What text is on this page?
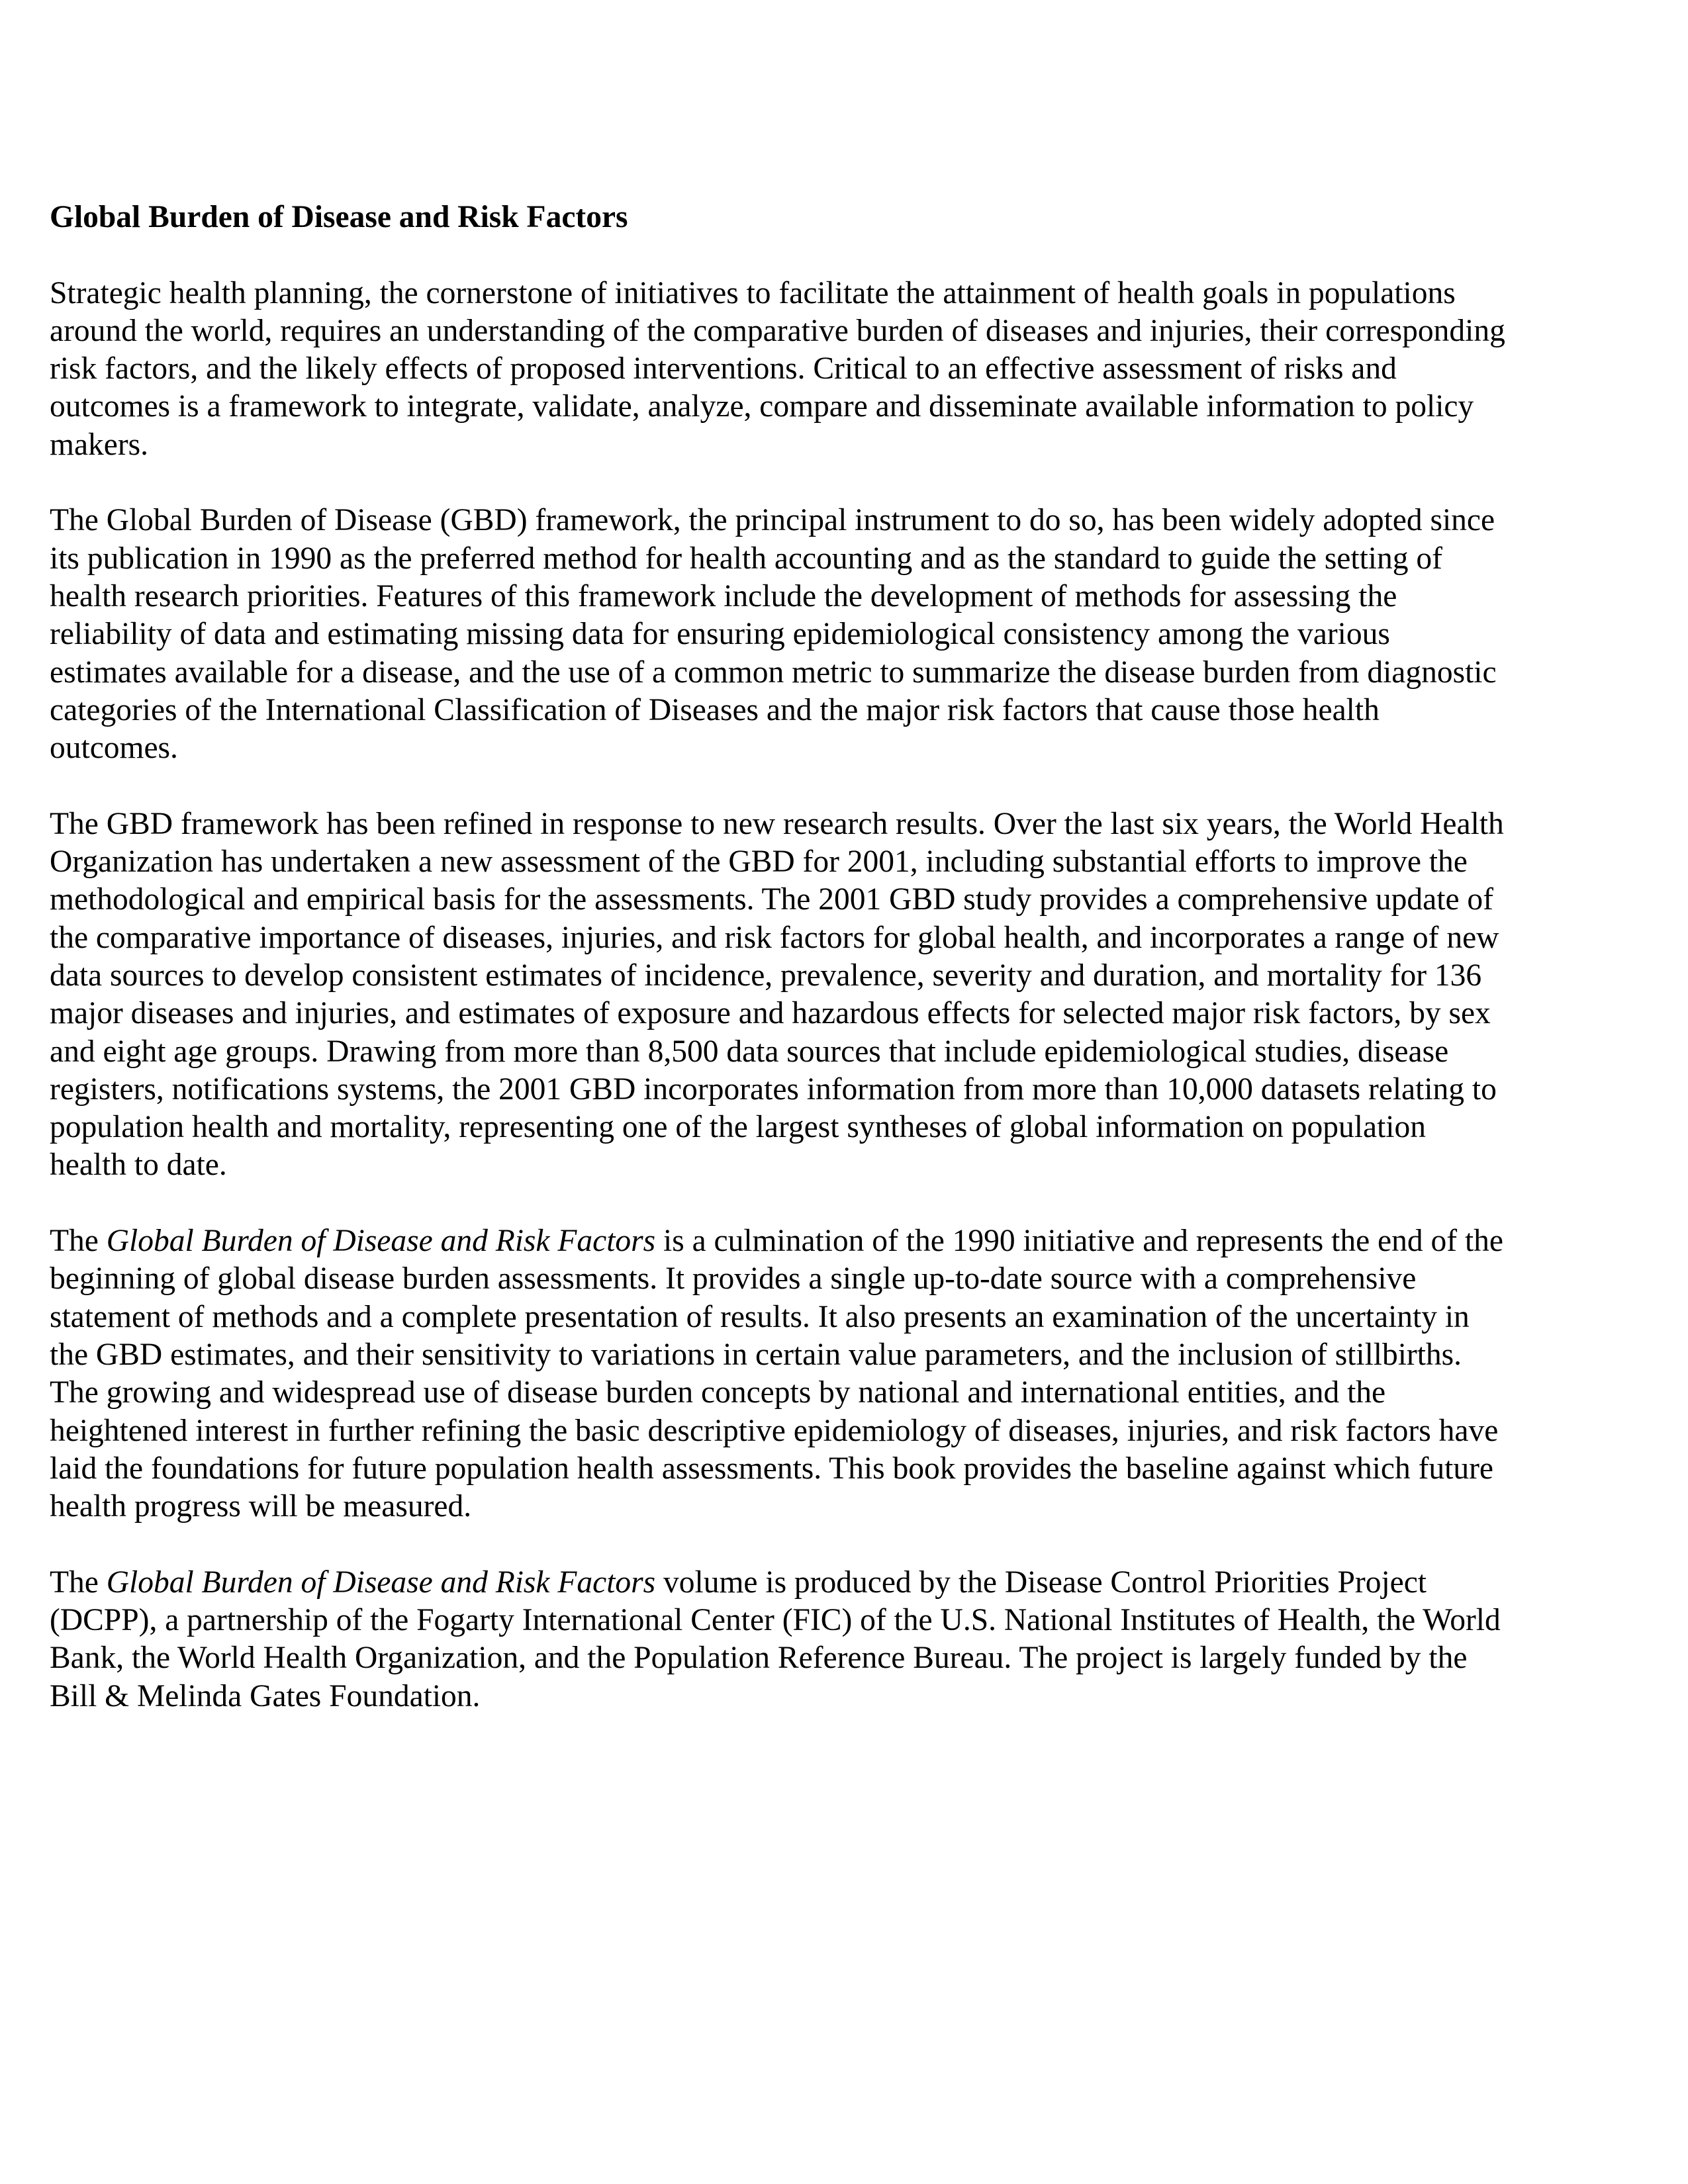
Global Burden of Disease and Risk Factors

Strategic health planning, the cornerstone of initiatives to facilitate the attainment of health goals in populations around the world, requires an understanding of the comparative burden of diseases and injuries, their corresponding risk factors, and the likely effects of proposed interventions. Critical to an effective assessment of risks and outcomes is a framework to integrate, validate, analyze, compare and disseminate available information to policy makers.

The Global Burden of Disease (GBD) framework, the principal instrument to do so, has been widely adopted since its publication in 1990 as the preferred method for health accounting and as the standard to guide the setting of health research priorities. Features of this framework include the development of methods for assessing the reliability of data and estimating missing data for ensuring epidemiological consistency among the various estimates available for a disease, and the use of a common metric to summarize the disease burden from diagnostic categories of the International Classification of Diseases and the major risk factors that cause those health outcomes.

The GBD framework has been refined in response to new research results. Over the last six years, the World Health Organization has undertaken a new assessment of the GBD for 2001, including substantial efforts to improve the methodological and empirical basis for the assessments. The 2001 GBD study provides a comprehensive update of the comparative importance of diseases, injuries, and risk factors for global health, and incorporates a range of new data sources to develop consistent estimates of incidence, prevalence, severity and duration, and mortality for 136 major diseases and injuries, and estimates of exposure and hazardous effects for selected major risk factors, by sex and eight age groups. Drawing from more than 8,500 data sources that include epidemiological studies, disease registers, notifications systems, the 2001 GBD incorporates information from more than 10,000 datasets relating to population health and mortality, representing one of the largest syntheses of global information on population health to date.

The Global Burden of Disease and Risk Factors is a culmination of the 1990 initiative and represents the end of the beginning of global disease burden assessments. It provides a single up-to-date source with a comprehensive statement of methods and a complete presentation of results. It also presents an examination of the uncertainty in the GBD estimates, and their sensitivity to variations in certain value parameters, and the inclusion of stillbirths. The growing and widespread use of disease burden concepts by national and international entities, and the heightened interest in further refining the basic descriptive epidemiology of diseases, injuries, and risk factors have laid the foundations for future population health assessments. This book provides the baseline against which future health progress will be measured.

The Global Burden of Disease and Risk Factors volume is produced by the Disease Control Priorities Project (DCPP), a partnership of the Fogarty International Center (FIC) of the U.S. National Institutes of Health, the World Bank, the World Health Organization, and the Population Reference Bureau. The project is largely funded by the Bill & Melinda Gates Foundation.
